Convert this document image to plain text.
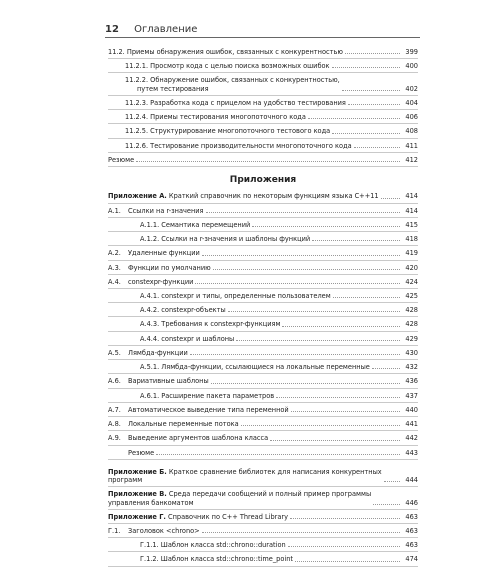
12 Оглавление
11.2. Приемы обнаружения ошибок, связанных с конкурентностью	399
11.2.1. Просмотр кода с целью поиска возможных ошибок	400
11.2.2. Обнаружение ошибок, связанных с конкурентностью,
путем тестирования	402
11.2.3. Разработка кода с прицелом на удобство тестирования	404
11.2.4. Приемы тестирования многопоточного кода	406
11.2.5. Структурирование многопоточного тестового кода	408
11.2.6. Тестирование производительности многопоточного кода	411
Резюме	412
Приложения
Приложение А. Краткий справочник по некоторым функциям языка С++11	414
А.1. Ссылки на r-значения	414
А.1.1. Семантика перемещений	415
А.1.2. Ссылки на r-значения и шаблоны функций	418
А.2. Удаленные функции	419
А.3. Функции по умолчанию	420
А.4. constexpr-функции	424
А.4.1. constexpr и типы, определенные пользователем	425
А.4.2. constexpr-объекты	428
А.4.3. Требования к constexpr-функциям	428
А.4.4. constexpr и шаблоны	429
А.5. Лямбда-функции	430
А.5.1. Лямбда-функции, ссылающиеся на локальные переменные	432
А.6. Вариативные шаблоны	436
А.6.1. Расширение пакета параметров	437
А.7. Автоматическое выведение типа переменной	440
А.8. Локальные переменные потока	441
А.9. Выведение аргументов шаблона класса	442
Резюме	443
Приложение Б. Краткое сравнение библиотек для написания конкурентных
программ	444
Приложение В. Среда передачи сообщений и полный пример программы
управления банкоматом	446
Приложение Г. Справочник по С++ Thread Library	463
Г.1. Заголовок <chrono>	463
Г.1.1. Шаблон класса std::chrono::duration	463
Г.1.2. Шаблон класса std::chrono::time_point	474
